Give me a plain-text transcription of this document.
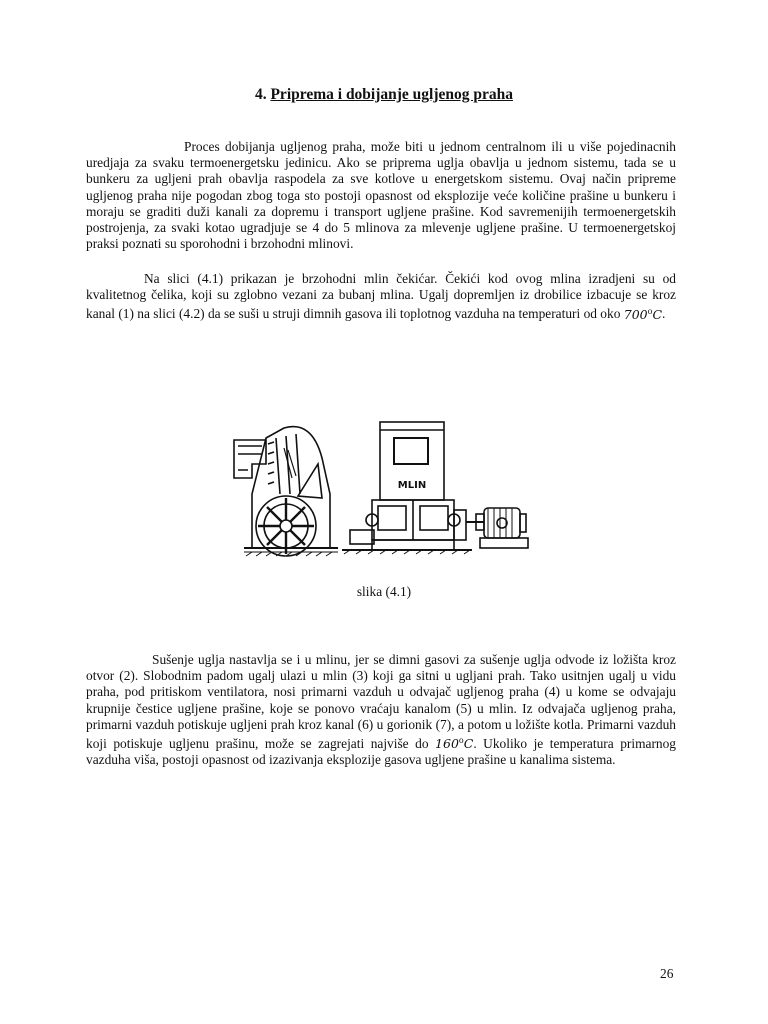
4. Priprema i dobijanje ugljenog praha

Proces dobijanja ugljenog praha, može biti u jednom centralnom ili u više pojedinacnih uredjaja za svaku termoenergetsku jedinicu. Ako se priprema uglja obavlja u jednom sistemu, tada se u bunkeru za ugljeni prah obavlja raspodela za sve kotlove u energetskom sistemu. Ovaj način pripreme ugljenog praha nije pogodan zbog toga sto postoji opasnost od eksplozije veće količine prašine u bunkeru i moraju se graditi duži kanali za dopremu i transport ugljene prašine. Kod savremenijih termoenergetskih postrojenja, za svaki kotao ugradjuje se 4 do 5 mlinova za mlevenje ugljene prašine. U termoenergetskoj praksi poznati su sporohodni i brzohodni mlinovi.

Na slici (4.1) prikazan je brzohodni mlin čekićar. Čekići kod ovog mlina izradjeni su od kvalitetnog čelika, koji su zglobno vezani za bubanj mlina. Ugalj dopremljen iz drobilice izbacuje se kroz kanal (1) na slici (4.2) da se suši u struji dimnih gasova ili toplotnog vazduha na temperaturi od oko 700$^o$C.

MLIN
slika (4.1)

Sušenje uglja nastavlja se i u mlinu, jer se dimni gasovi za sušenje uglja odvode iz ložišta kroz otvor (2). Slobodnim padom ugalj ulazi u mlin (3) koji ga sitni u ugljani prah. Tako usitnjen ugalj u vidu praha, pod pritiskom ventilatora, nosi primarni vazduh u odvajač ugljenog praha (4) u kome se odvajaju krupnije čestice ugljene prašine, koje se ponovo vraćaju kanalom (5) u mlin. Iz odvajača ugljenog praha, primarni vazduh potiskuje ugljeni prah kroz kanal (6) u gorionik (7), a potom u ložište kotla. Primarni vazduh koji potiskuje ugljenu prašinu, može se zagrejati najviše do 160$^o$C. Ukoliko je temperatura primarnog vazduha viša, postoji opasnost od izazivanja eksplozije gasova ugljene prašine u kanalima sistema.

26
